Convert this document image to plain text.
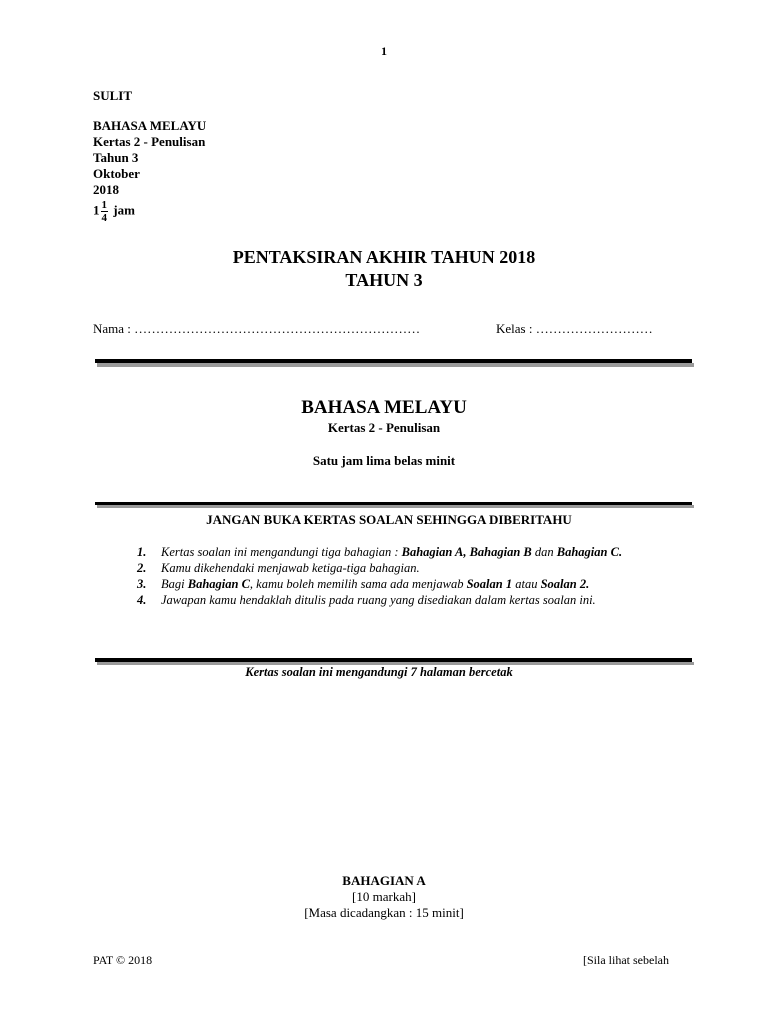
1
SULIT
BAHASA MELAYU
Kertas 2 - Penulisan
Tahun 3
Oktober
2018
$1 \frac{1}{4}$ jam
PENTAKSIRAN AKHIR TAHUN 2018
TAHUN 3
Nama : …………………………………………………………	Kelas : ………………………
BAHASA MELAYU
Kertas 2 - Penulisan
Satu jam lima belas minit
JANGAN BUKA KERTAS SOALAN SEHINGGA DIBERITAHU
1.	Kertas soalan ini mengandungi tiga bahagian : Bahagian A, Bahagian B dan Bahagian C.
2.	Kamu dikehendaki menjawab ketiga-tiga bahagian.
3.	Bagi Bahagian C, kamu boleh memilih sama ada menjawab Soalan 1 atau Soalan 2.
4.	Jawapan kamu hendaklah ditulis pada ruang yang disediakan dalam kertas soalan ini.
Kertas soalan ini mengandungi 7 halaman bercetak
BAHAGIAN A
[10 markah]
[Masa dicadangkan : 15 minit]
PAT © 2018	[Sila lihat sebelah
